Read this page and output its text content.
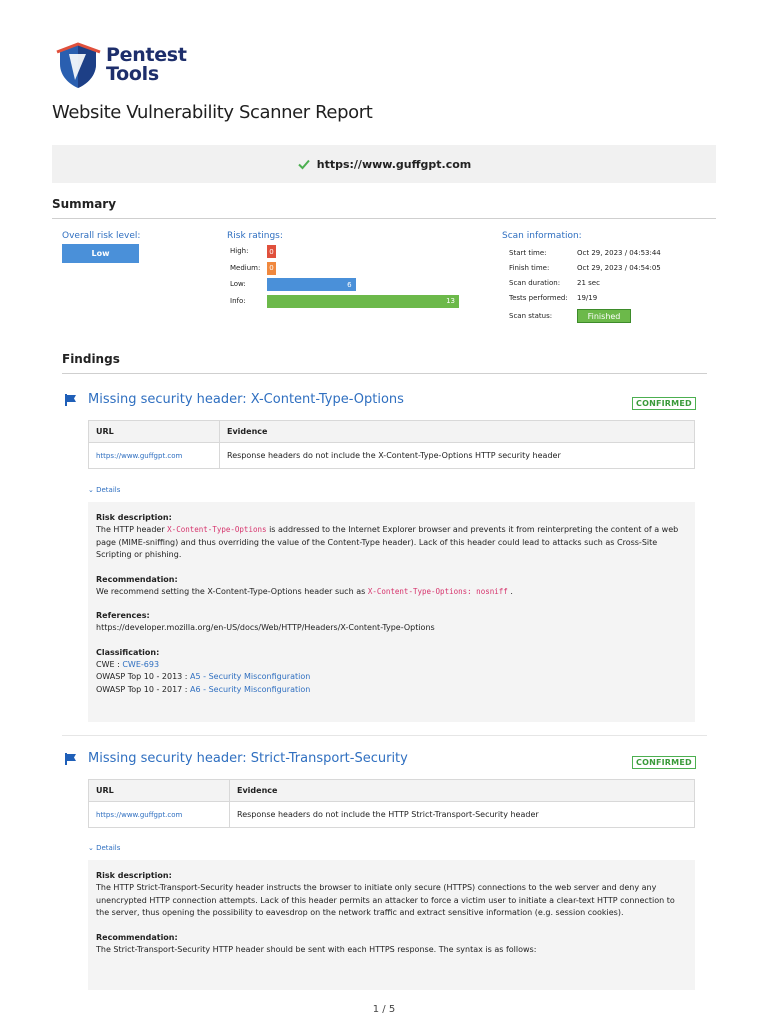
Pentest
Tools
Website Vulnerability Scanner Report
https://www.guffgpt.com
Summary
Overall risk level:
Low
Risk ratings:
High:	0
Medium: 0
Low:	6
Info:	13
Scan information:
Start time:	Oct 29, 2023 / 04:53:44
Finish time:	Oct 29, 2023 / 04:54:05
Scan duration: 21 sec
Tests performed: 19/19
Scan status:	Finished
Findings
Missing security header: X-Content-Type-Options	CONFIRMED
URL	Evidence
https://www.guffgpt.com	Response headers do not include the X-Content-Type-Options HTTP security header
⌄ Details
Risk description:
The HTTP header X-Content-Type-Options is addressed to the Internet Explorer browser and prevents it from reinterpreting the content of a web page (MIME-sniffing) and thus overriding the value of the Content-Type header). Lack of this header could lead to attacks such as Cross-Site Scripting or phishing.
Recommendation:
We recommend setting the X-Content-Type-Options header such as X-Content-Type-Options: nosniff .
References:
https://developer.mozilla.org/en-US/docs/Web/HTTP/Headers/X-Content-Type-Options
Classification:
CWE : CWE-693
OWASP Top 10 - 2013 : A5 - Security Misconfiguration
OWASP Top 10 - 2017 : A6 - Security Misconfiguration
Missing security header: Strict-Transport-Security	CONFIRMED
URL	Evidence
https://www.guffgpt.com	Response headers do not include the HTTP Strict-Transport-Security header
⌄ Details
Risk description:
The HTTP Strict-Transport-Security header instructs the browser to initiate only secure (HTTPS) connections to the web server and deny any unencrypted HTTP connection attempts. Lack of this header permits an attacker to force a victim user to initiate a clear-text HTTP connection to the server, thus opening the possibility to eavesdrop on the network traffic and extract sensitive information (e.g. session cookies).
Recommendation:
The Strict-Transport-Security HTTP header should be sent with each HTTPS response. The syntax is as follows:
1 / 5
